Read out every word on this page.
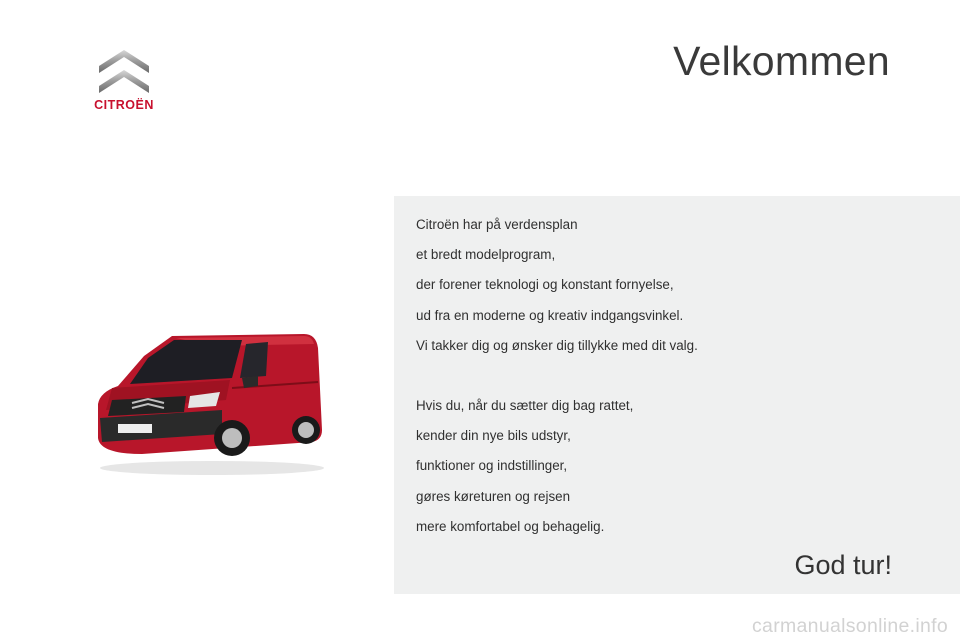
CITROËN
Velkommen

Citroën har på verdensplan

et bredt modelprogram,

der forener teknologi og konstant fornyelse,

ud fra en moderne og kreativ indgangsvinkel.

Vi takker dig og ønsker dig tillykke med dit valg.

Hvis du, når du sætter dig bag rattet,

kender din nye bils udstyr,

funktioner og indstillinger,

gøres køreturen og rejsen

mere komfortabel og behagelig.

God tur!
carmanualsonline.info
